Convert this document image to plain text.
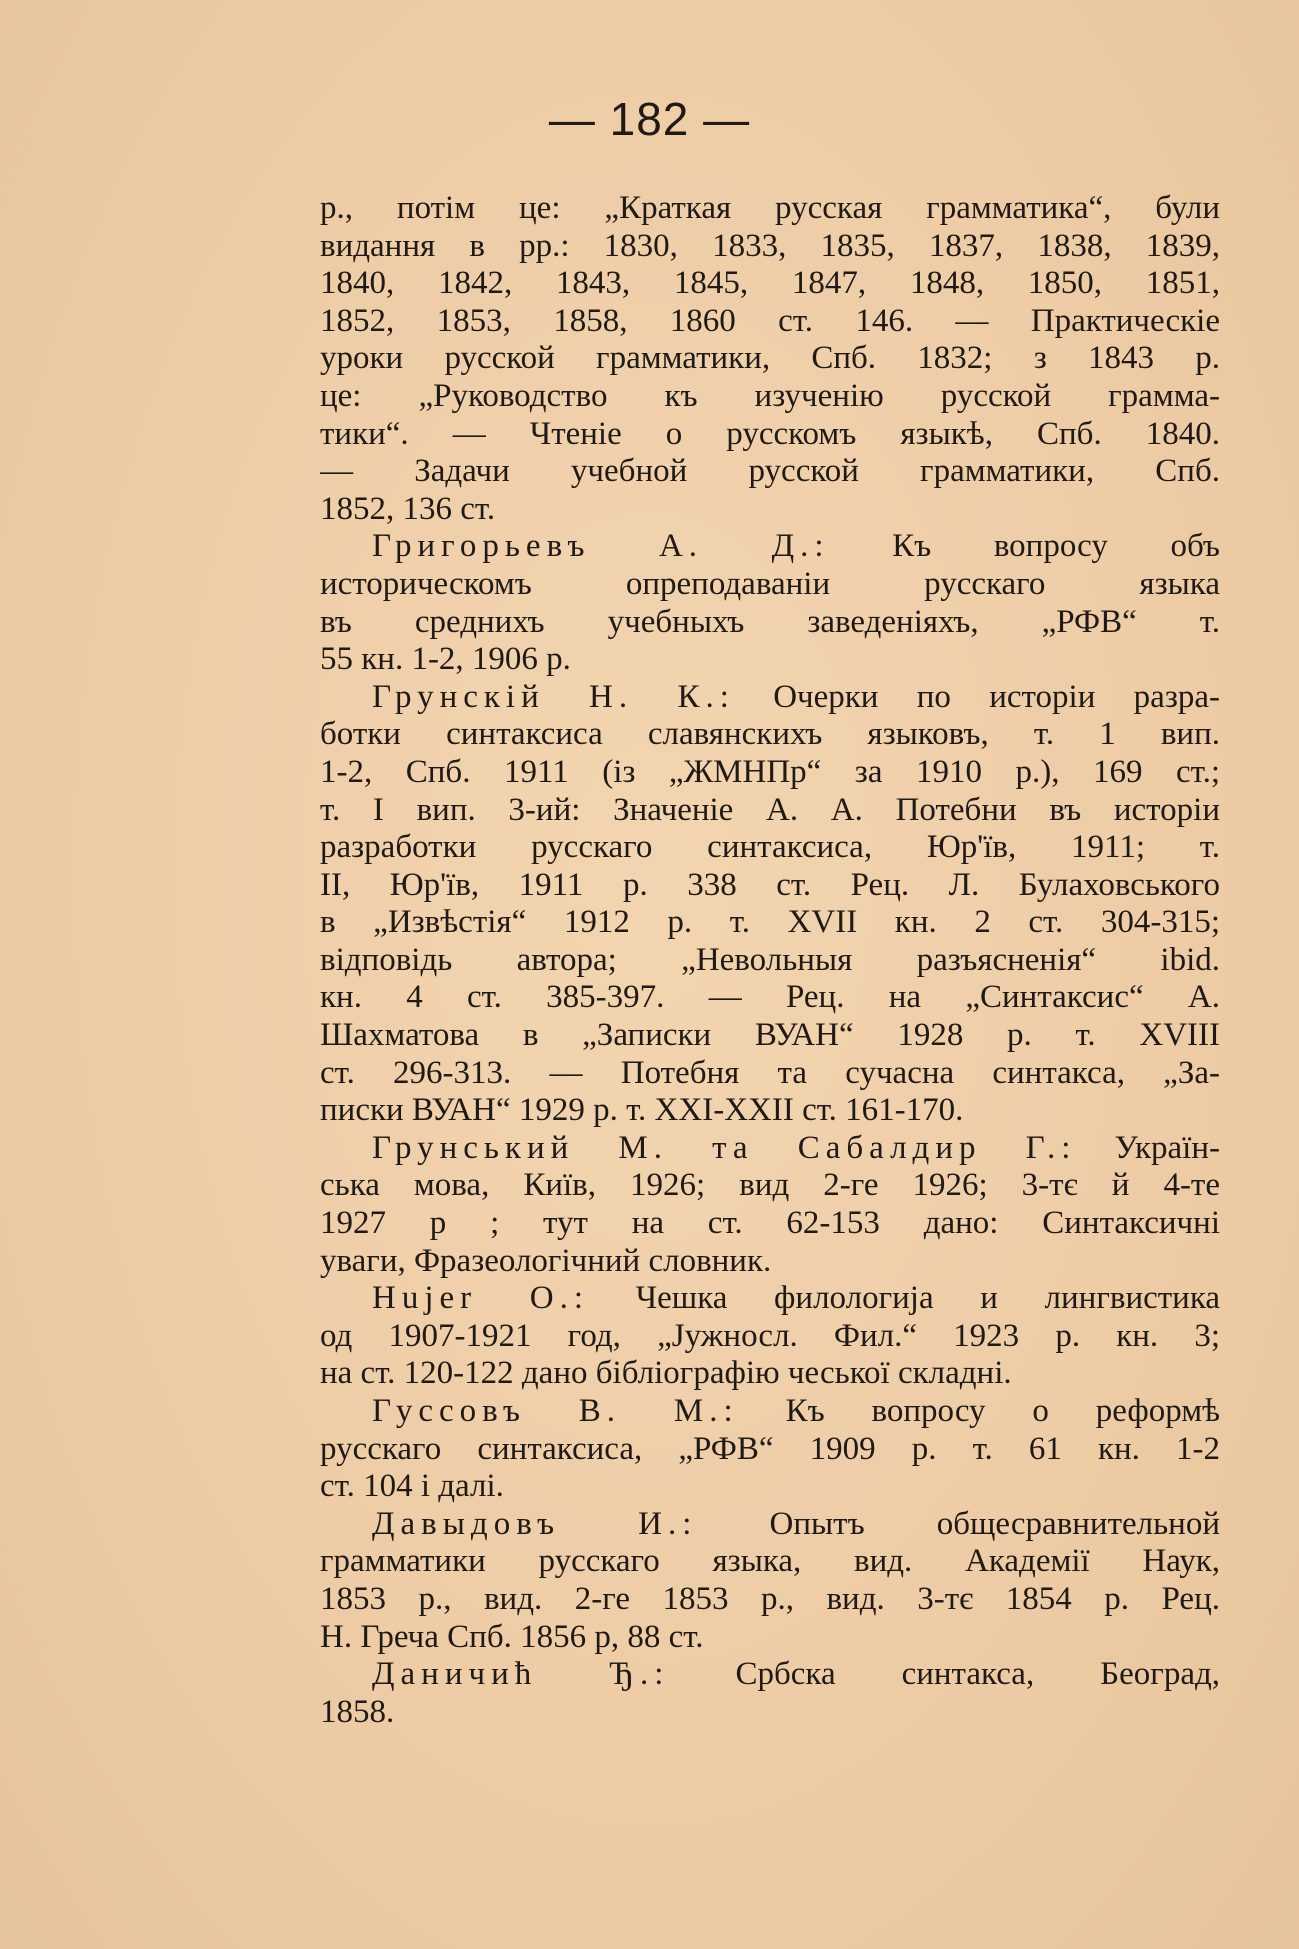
— 182 —
р., потім це: „Краткая русская грамматика“, були
видання в рр.: 1830, 1833, 1835, 1837, 1838, 1839,
1840, 1842, 1843, 1845, 1847, 1848, 1850, 1851,
1852, 1853, 1858, 1860 ст. 146. — Практическіе
уроки русской грамматики, Спб. 1832; з 1843 р.
це: „Руководство къ изученію русской грамма-
тики“. — Чтеніе о русскомъ языкѣ, Спб. 1840.
— Задачи учебной русской грамматики, Спб.
1852, 136 ст.
Григорьевъ А. Д.: Къ вопросу объ
историческомъ опреподаваніи русскаго языка
въ среднихъ учебныхъ заведеніяхъ, „РФВ“ т.
55 кн. 1-2, 1906 р.
Грунскій Н. К.: Очерки по исторіи разра-
ботки синтаксиса славянскихъ языковъ, т. 1 вип.
1-2, Спб. 1911 (із „ЖМНПр“ за 1910 р.), 169 ст.;
т. I вип. 3-ий: Значеніе А. А. Потебни въ исторіи
разработки русскаго синтаксиса, Юр'їв, 1911; т.
II, Юр'їв, 1911 р. 338 ст. Рец. Л. Булаховського
в „Извѣстія“ 1912 р. т. XVII кн. 2 ст. 304-315;
відповідь автора; „Невольныя разъясненія“ ibid.
кн. 4 ст. 385-397. — Рец. на „Синтаксис“ А.
Шахматова в „Записки ВУАН“ 1928 р. т. XVIII
ст. 296-313. — Потебня та сучасна синтакса, „За-
писки ВУАН“ 1929 р. т. XXI-XXII ст. 161-170.
Грунський М. та Сабалдир Г.: Україн-
ська мова, Київ, 1926; вид 2-ге 1926; 3-тє й 4-те
1927 р ; тут на ст. 62-153 дано: Синтаксичні
уваги, Фразеологічний словник.
Hujer O.: Чешка филологија и лингвистика
од 1907-1921 год, „Јужносл. Фил.“ 1923 р. кн. 3;
на ст. 120-122 дано бібліографію чеської складні.
Гуссовъ В. М.: Къ вопросу о реформѣ
русскаго синтаксиса, „РФВ“ 1909 р. т. 61 кн. 1-2
ст. 104 і далі.
Давыдовъ И.: Опытъ общесравнительной
грамматики русскаго языка, вид. Академії Наук,
1853 р., вид. 2-ге 1853 р., вид. 3-тє 1854 р. Рец.
Н. Греча Спб. 1856 р, 88 ст.
Даничић Ђ.: Србска синтакса, Београд,
1858.
